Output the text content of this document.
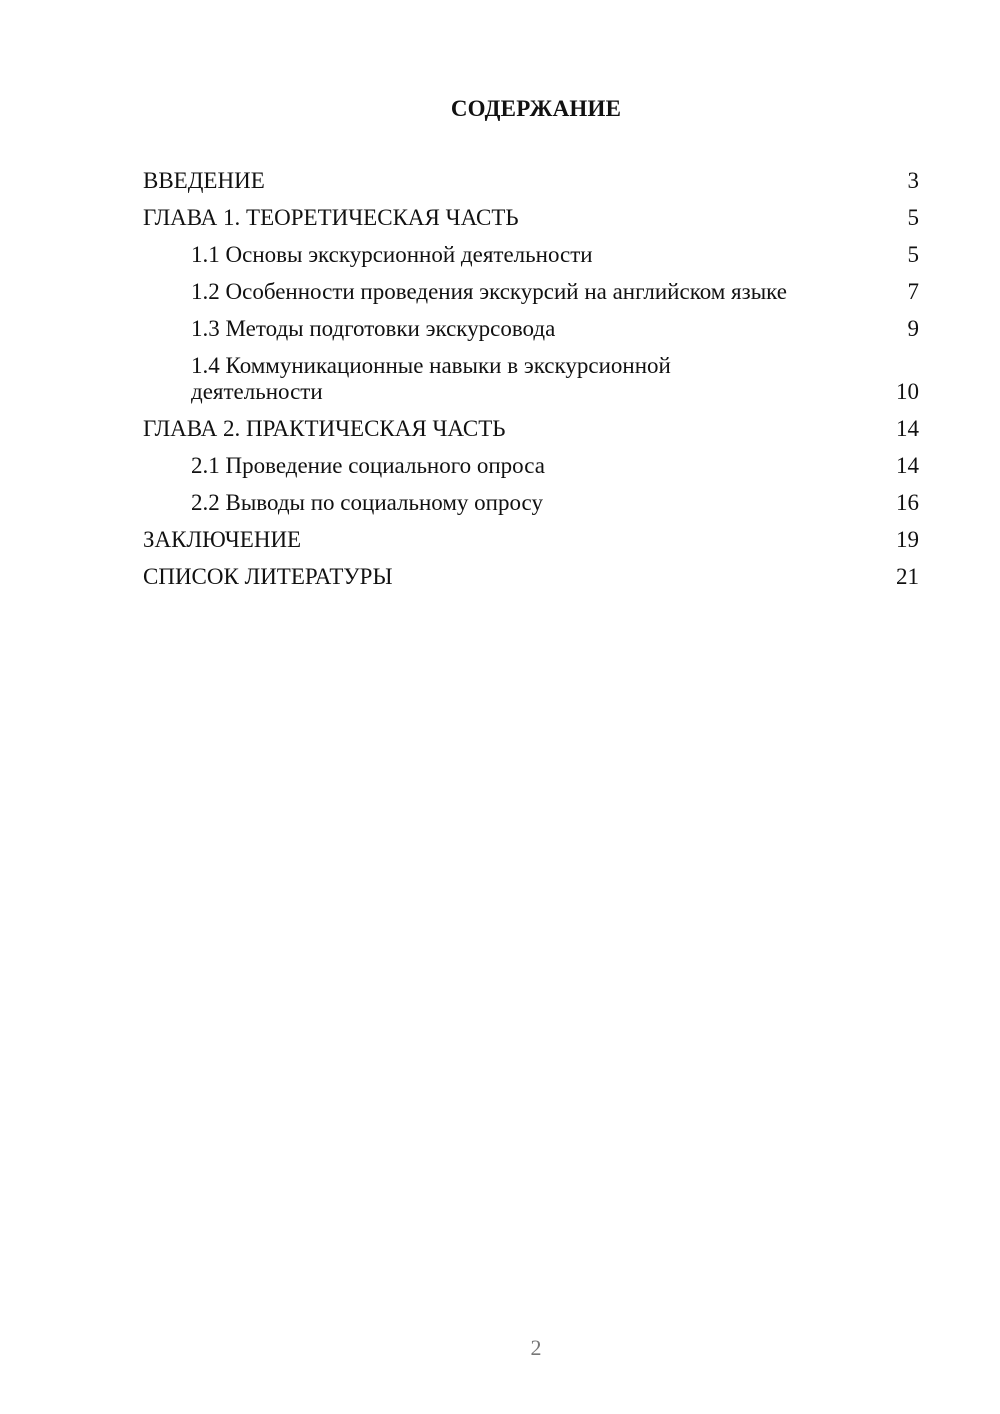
СОДЕРЖАНИЕ
ВВЕДЕНИЕ	3
ГЛАВА 1. ТЕОРЕТИЧЕСКАЯ ЧАСТЬ	5
1.1 Основы экскурсионной деятельности	5
1.2 Особенности проведения экскурсий на английском языке	7
1.3 Методы подготовки экскурсовода	9
1.4 Коммуникационные навыки в экскурсионной деятельности	10
ГЛАВА 2. ПРАКТИЧЕСКАЯ ЧАСТЬ	14
2.1 Проведение социального опроса	14
2.2 Выводы по социальному опросу	16
ЗАКЛЮЧЕНИЕ	19
СПИСОК ЛИТЕРАТУРЫ	21
2
